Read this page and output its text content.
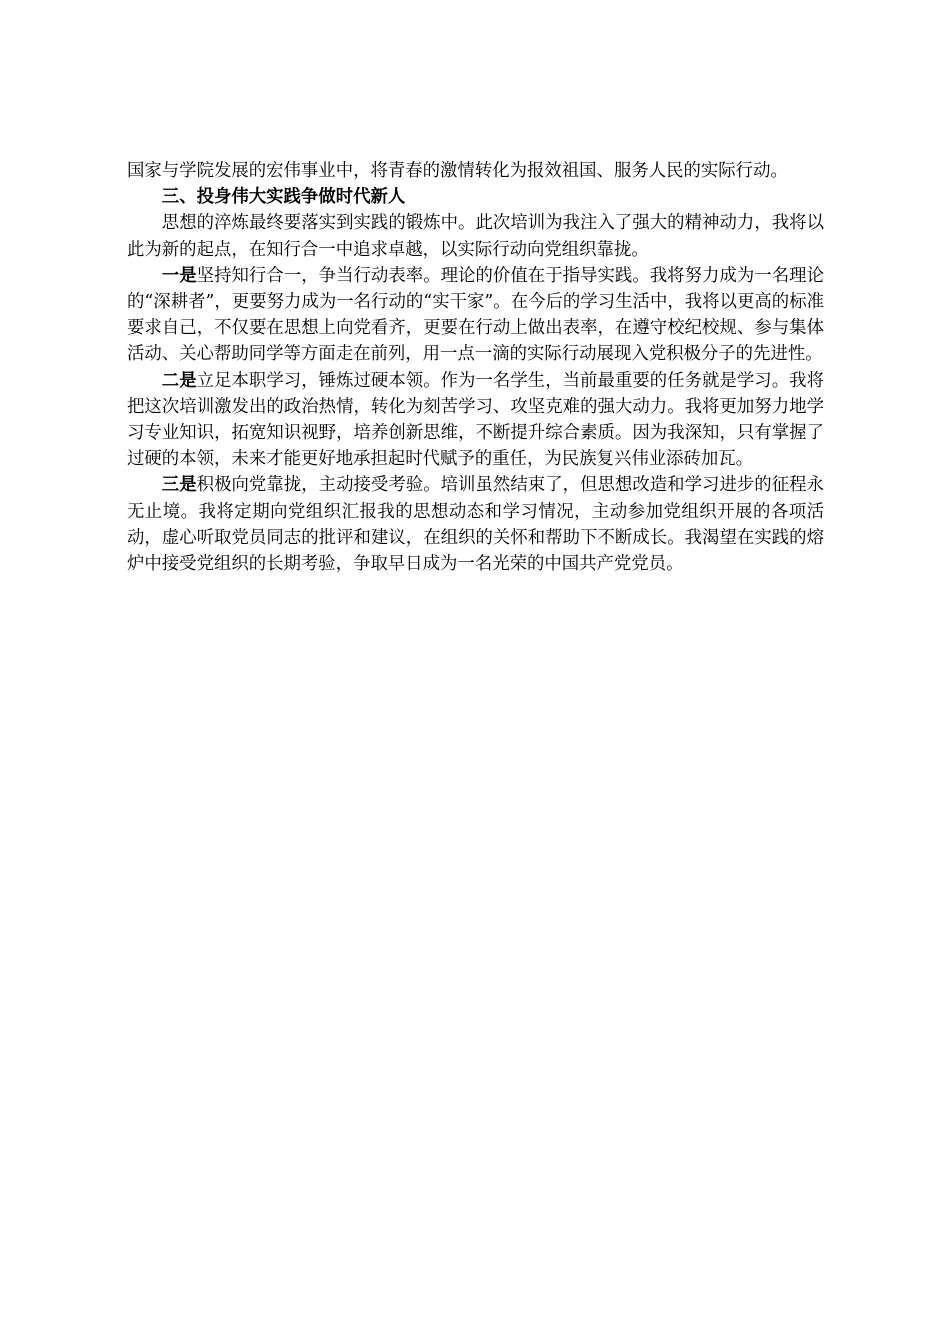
国家与学院发展的宏伟事业中，将青春的激情转化为报效祖国、服务人民的实际行动。

三、投身伟大实践争做时代新人

思想的淬炼最终要落实到实践的锻炼中。此次培训为我注入了强大的精神动力，我将以此为新的起点，在知行合一中追求卓越，以实际行动向党组织靠拢。

一是坚持知行合一，争当行动表率。理论的价值在于指导实践。我将努力成为一名理论的“深耕者”，更要努力成为一名行动的“实干家”。在今后的学习生活中，我将以更高的标准要求自己，不仅要在思想上向党看齐，更要在行动上做出表率，在遵守校纪校规、参与集体活动、关心帮助同学等方面走在前列，用一点一滴的实际行动展现入党积极分子的先进性。

二是立足本职学习，锤炼过硬本领。作为一名学生，当前最重要的任务就是学习。我将把这次培训激发出的政治热情，转化为刻苦学习、攻坚克难的强大动力。我将更加努力地学习专业知识，拓宽知识视野，培养创新思维，不断提升综合素质。因为我深知，只有掌握了过硬的本领，未来才能更好地承担起时代赋予的重任，为民族复兴伟业添砖加瓦。

三是积极向党靠拢，主动接受考验。培训虽然结束了，但思想改造和学习进步的征程永无止境。我将定期向党组织汇报我的思想动态和学习情况，主动参加党组织开展的各项活动，虚心听取党员同志的批评和建议，在组织的关怀和帮助下不断成长。我渴望在实践的熔炉中接受党组织的长期考验，争取早日成为一名光荣的中国共产党党员。
